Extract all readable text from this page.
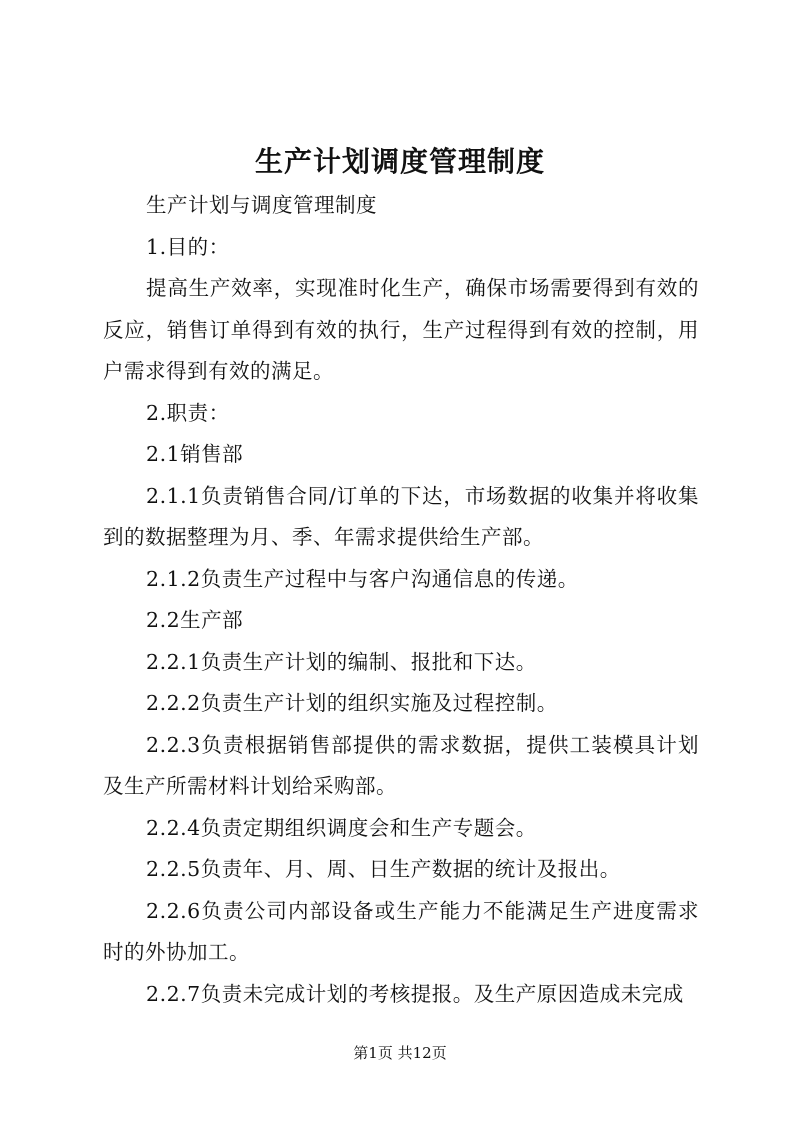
生产计划调度管理制度

生产计划与调度管理制度

1.目的：

提高生产效率，实现准时化生产，确保市场需要得到有效的反应，销售订单得到有效的执行，生产过程得到有效的控制，用户需求得到有效的满足。

2.职责：

2.1销售部

2.1.1负责销售合同/订单的下达，市场数据的收集并将收集到的数据整理为月、季、年需求提供给生产部。

2.1.2负责生产过程中与客户沟通信息的传递。

2.2生产部

2.2.1负责生产计划的编制、报批和下达。

2.2.2负责生产计划的组织实施及过程控制。

2.2.3负责根据销售部提供的需求数据，提供工装模具计划及生产所需材料计划给采购部。

2.2.4负责定期组织调度会和生产专题会。

2.2.5负责年、月、周、日生产数据的统计及报出。

2.2.6负责公司内部设备或生产能力不能满足生产进度需求时的外协加工。

2.2.7负责未完成计划的考核提报。及生产原因造成未完成

第1页 共12页
